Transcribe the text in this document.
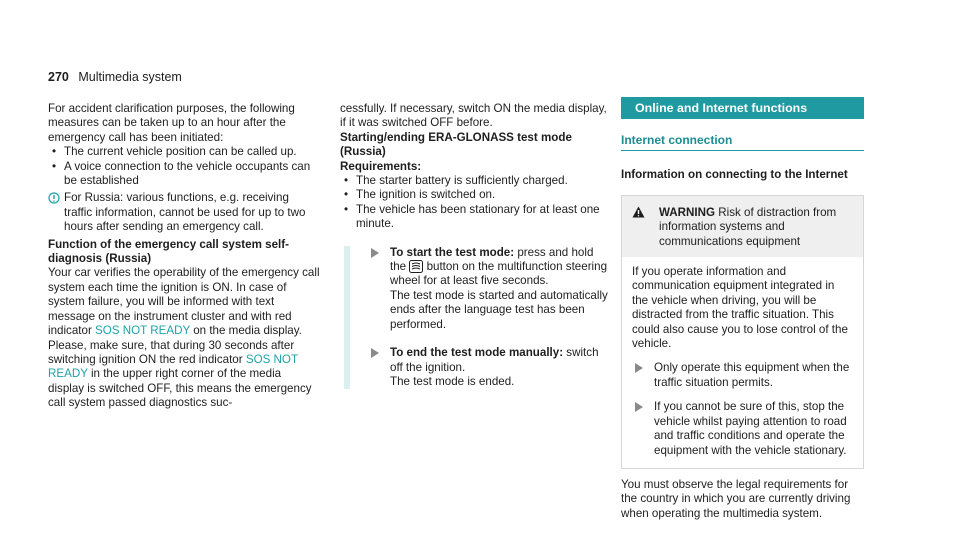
270 Multimedia system

For accident clarification purposes, the following measures can be taken up to an hour after the emergency call has been initiated:

• The current vehicle position can be called up.
• A voice connection to the vehicle occupants can be established
For Russia: various functions, e.g. receiving traffic information, cannot be used for up to two hours after sending an emergency call.

Function of the emergency call system self-diagnosis (Russia)

Your car verifies the operability of the emergency call system each time the ignition is ON. In case of system failure, you will be informed with text message on the instrument cluster and with red indicator SOS NOT READY on the media display.

Please, make sure, that during 30 seconds after switching ignition ON the red indicator SOS NOT READY in the upper right corner of the media display is switched OFF, this means the emergency call system passed diagnostics suc-

cessfully. If necessary, switch ON the media display, if it was switched OFF before.

Starting/ending ERA-GLONASS test mode (Russia)

Requirements:

• The starter battery is sufficiently charged.
• The ignition is switched on.
• The vehicle has been stationary for at least one minute.
To start the test mode: press and hold the  button on the multifunction steering wheel for at least five seconds.

The test mode is started and automatically ends after the language test has been performed.

To end the test mode manually: switch off the ignition.

The test mode is ended.

Online and Internet functions
Internet connection

Information on connecting to the Internet

WARNING Risk of distraction from information systems and communications equipment

If you operate information and communication equipment integrated in the vehicle when driving, you will be distracted from the traffic situation. This could also cause you to lose control of the vehicle.

Only operate this equipment when the traffic situation permits.
If you cannot be sure of this, stop the vehicle whilst paying attention to road and traffic conditions and operate the equipment with the vehicle stationary.

You must observe the legal requirements for the country in which you are currently driving when operating the multimedia system.
